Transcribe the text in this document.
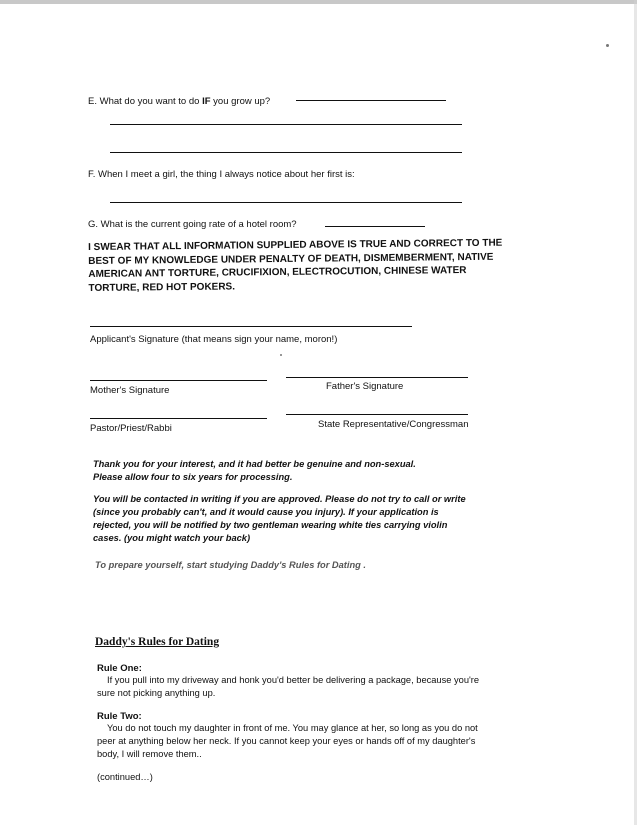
E. What do you want to do IF you grow up?
F. When I meet a girl, the thing I always notice about her first is:
G. What is the current going rate of a hotel room?
I SWEAR THAT ALL INFORMATION SUPPLIED ABOVE IS TRUE AND CORRECT TO THE BEST OF MY KNOWLEDGE UNDER PENALTY OF DEATH, DISMEMBERMENT, NATIVE AMERICAN ANT TORTURE, CRUCIFIXION, ELECTROCUTION, CHINESE WATER TORTURE, RED HOT POKERS.
Applicant's Signature (that means sign your name, moron!)
Mother's Signature	Father's Signature
Pastor/Priest/Rabbi	State Representative/Congressman
Thank you for your interest, and it had better be genuine and non-sexual.
Please allow four to six years for processing.
You will be contacted in writing if you are approved. Please do not try to call or write
(since you probably can't, and it would cause you injury). If your application is
rejected, you will be notified by two gentleman wearing white ties carrying violin
cases. (you might watch your back)
To prepare yourself, start studying Daddy's Rules for Dating .
Daddy's Rules for Dating
Rule One:
If you pull into my driveway and honk you'd better be delivering a package, because you're
sure not picking anything up.
Rule Two:
You do not touch my daughter in front of me. You may glance at her, so long as you do not
peer at anything below her neck. If you cannot keep your eyes or hands off of my daughter's
body, I will remove them..
(continued…)
